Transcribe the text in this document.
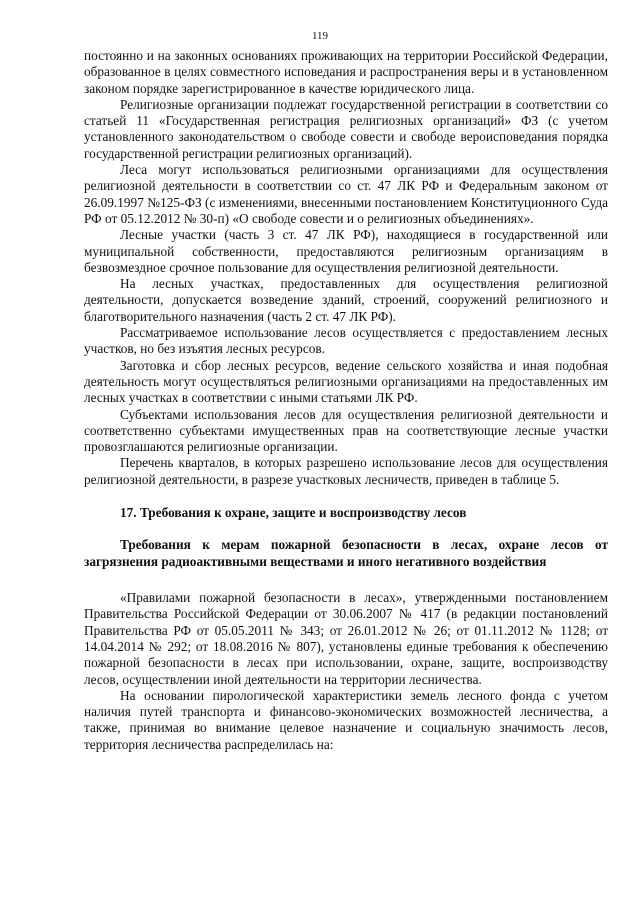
119

постоянно и на законных основаниях проживающих на территории Российской Федерации, образованное в целях совместного исповедания и распространения веры и в установленном законом порядке зарегистрированное в качестве юридического лица.

Религиозные организации подлежат государственной регистрации в соответствии со статьей 11 «Государственная регистрация религиозных организаций» ФЗ (с учетом установленного законодательством о свободе совести и свободе вероисповедания порядка государственной регистрации религиозных организаций).

Леса могут использоваться религиозными организациями для осуществления религиозной деятельности в соответствии со ст. 47 ЛК РФ и Федеральным законом от 26.09.1997 №125-ФЗ (с изменениями, внесенными постановлением Конституционного Суда РФ от 05.12.2012 № 30-п) «О свободе совести и о религиозных объединениях».

Лесные участки (часть 3 ст. 47 ЛК РФ), находящиеся в государственной или муниципальной собственности, предоставляются религиозным организациям в безвозмездное срочное пользование для осуществления религиозной деятельности.

На лесных участках, предоставленных для осуществления религиозной деятельности, допускается возведение зданий, строений, сооружений религиозного и благотворительного назначения (часть 2 ст. 47 ЛК РФ).

Рассматриваемое использование лесов осуществляется с предоставлением лесных участков, но без изъятия лесных ресурсов.

Заготовка и сбор лесных ресурсов, ведение сельского хозяйства и иная подобная деятельность могут осуществляться религиозными организациями на предоставленных им лесных участках в соответствии с иными статьями ЛК РФ.

Субъектами использования лесов для осуществления религиозной деятельности и соответственно субъектами имущественных прав на соответствующие лесные участки провозглашаются религиозные организации.

Перечень кварталов, в которых разрешено использование лесов для осуществления религиозной деятельности, в разрезе участковых лесничеств, приведен в таблице 5.

17. Требования к охране, защите и воспроизводству лесов

Требования к мерам пожарной безопасности в лесах, охране лесов от загрязнения радиоактивными веществами и иного негативного воздействия

«Правилами пожарной безопасности в лесах», утвержденными постановлением Правительства Российской Федерации от 30.06.2007 № 417 (в редакции постановлений Правительства РФ от 05.05.2011 № 343; от 26.01.2012 № 26; от 01.11.2012 № 1128; от 14.04.2014 № 292; от 18.08.2016 № 807), установлены единые требования к обеспечению пожарной безопасности в лесах при использовании, охране, защите, воспроизводству лесов, осуществлении иной деятельности на территории лесничества.

На основании пирологической характеристики земель лесного фонда с учетом наличия путей транспорта и финансово-экономических возможностей лесничества, а также, принимая во внимание целевое назначение и социальную значимость лесов, территория лесничества распределилась на:
